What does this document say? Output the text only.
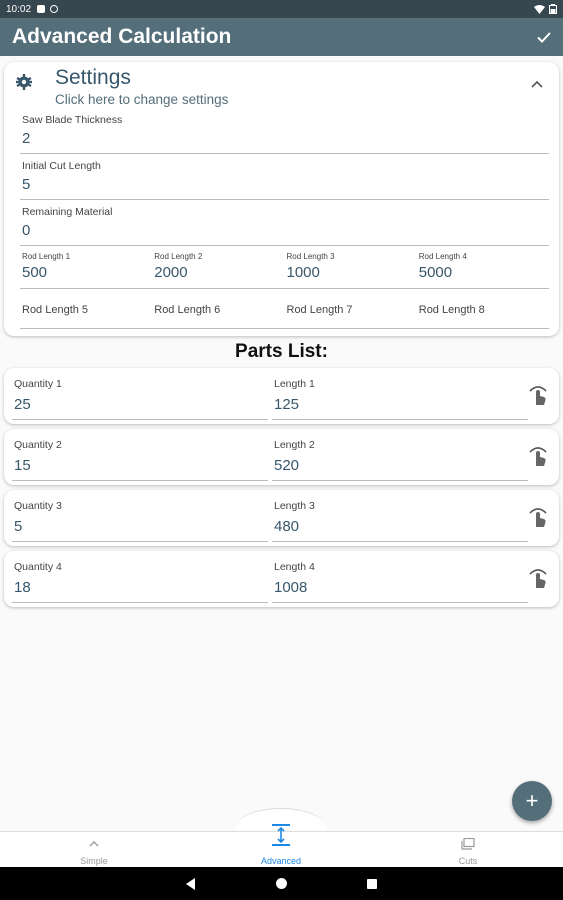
10:02
Advanced Calculation
Settings
Click here to change settings
Saw Blade Thickness
2
Initial Cut Length
5
Remaining Material
0
Rod Length 1
500
Rod Length 2
2000
Rod Length 3
1000
Rod Length 4
5000
Rod Length 5	Rod Length 6	Rod Length 7	Rod Length 8
Parts List:
Quantity 1
25
Length 1
125
Quantity 2
15
Length 2
520
Quantity 3
5
Length 3
480
Quantity 4
18
Length 4
1008
+
Simple	Advanced	Cuts
